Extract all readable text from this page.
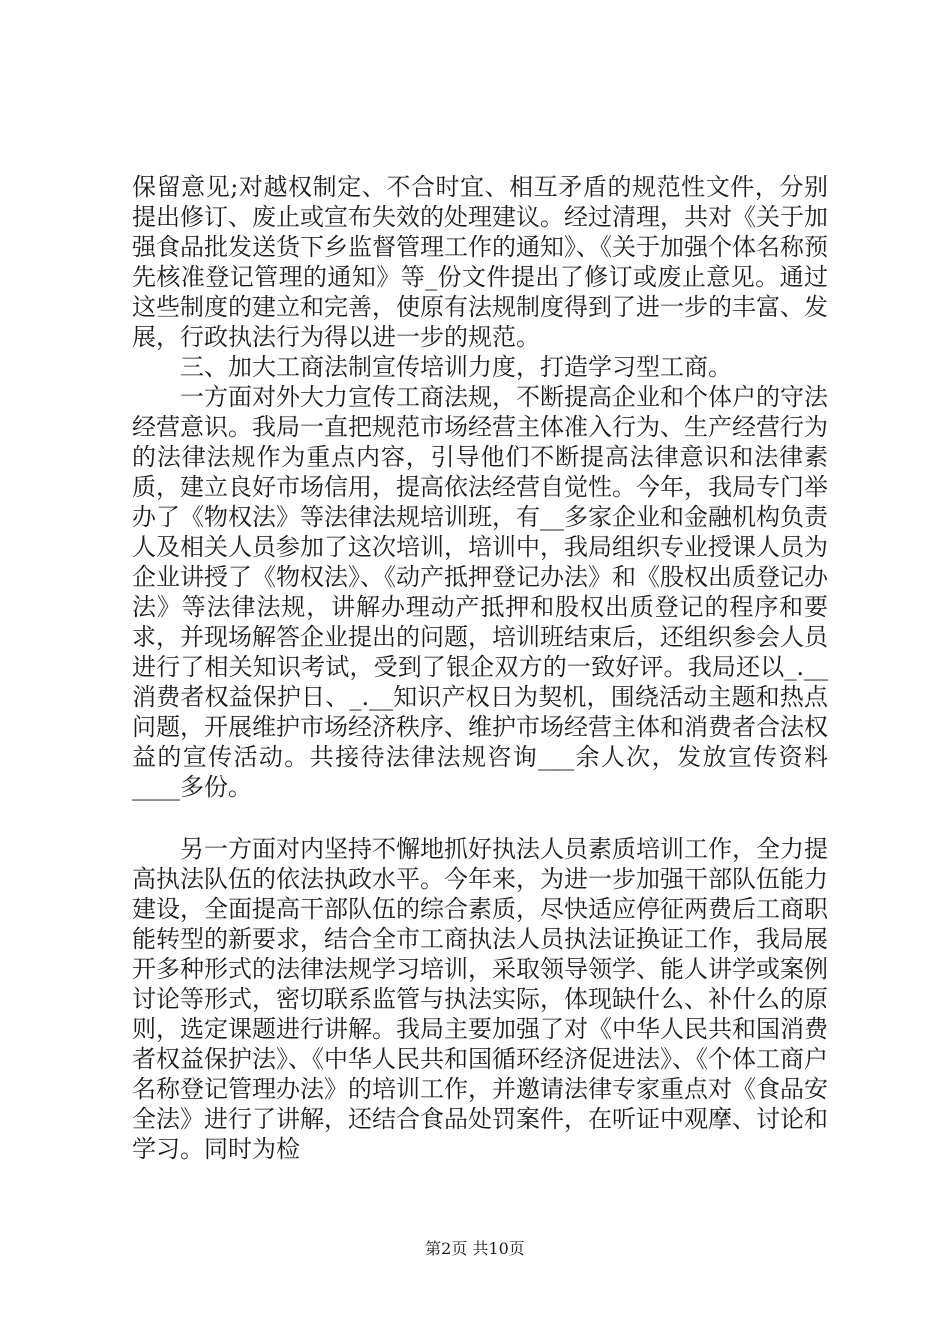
保留意见;对越权制定、不合时宜、相互矛盾的规范性文件，分别提出修订、废止或宣布失效的处理建议。经过清理，共对《关于加强食品批发送货下乡监督管理工作的通知》、《关于加强个体名称预先核准登记管理的通知》等_份文件提出了修订或废止意见。通过这些制度的建立和完善，使原有法规制度得到了进一步的丰富、发展，行政执法行为得以进一步的规范。

三、加大工商法制宣传培训力度，打造学习型工商。

一方面对外大力宣传工商法规，不断提高企业和个体户的守法经营意识。我局一直把规范市场经营主体准入行为、生产经营行为的法律法规作为重点内容，引导他们不断提高法律意识和法律素质，建立良好市场信用，提高依法经营自觉性。今年，我局专门举办了《物权法》等法律法规培训班，有__多家企业和金融机构负责人及相关人员参加了这次培训，培训中，我局组织专业授课人员为企业讲授了《物权法》、《动产抵押登记办法》和《股权出质登记办法》等法律法规，讲解办理动产抵押和股权出质登记的程序和要求，并现场解答企业提出的问题，培训班结束后，还组织参会人员进行了相关知识考试，受到了银企双方的一致好评。我局还以_.__消费者权益保护日、_.__知识产权日为契机，围绕活动主题和热点问题，开展维护市场经济秩序、维护市场经营主体和消费者合法权益的宣传活动。共接待法律法规咨询___余人次，发放宣传资料____多份。

另一方面对内坚持不懈地抓好执法人员素质培训工作，全力提高执法队伍的依法执政水平。今年来，为进一步加强干部队伍能力建设，全面提高干部队伍的综合素质，尽快适应停征两费后工商职能转型的新要求，结合全市工商执法人员执法证换证工作，我局展开多种形式的法律法规学习培训，采取领导领学、能人讲学或案例讨论等形式，密切联系监管与执法实际，体现缺什么、补什么的原则，选定课题进行讲解。我局主要加强了对《中华人民共和国消费者权益保护法》、《中华人民共和国循环经济促进法》、《个体工商户名称登记管理办法》的培训工作，并邀请法律专家重点对《食品安全法》进行了讲解，还结合食品处罚案件，在听证中观摩、讨论和学习。同时为检

第2页 共10页
